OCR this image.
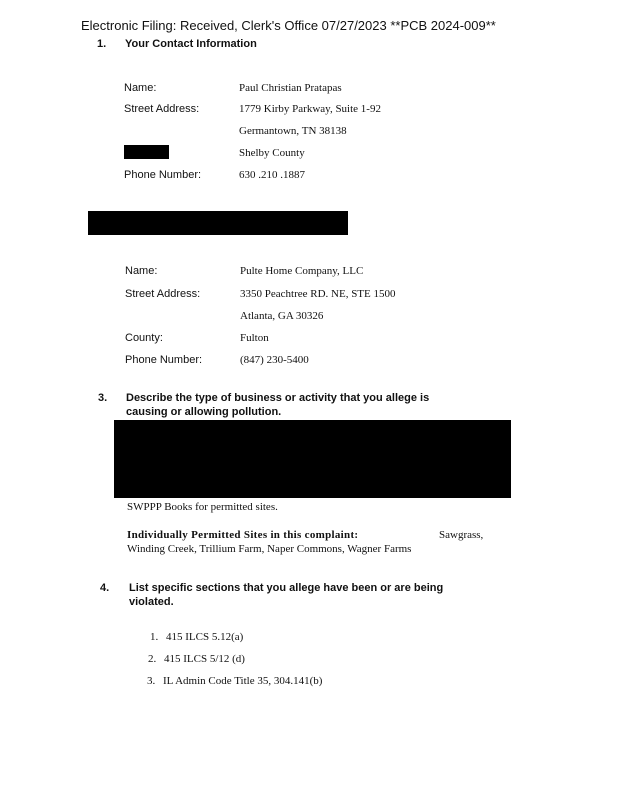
Electronic Filing: Received, Clerk's Office 07/27/2023 **PCB 2024-009**
1. Your Contact Information
Name:	Paul Christian Pratapas
Street Address:	1779 Kirby Parkway, Suite 1-92
Germantown, TN 38138
Shelby County
Phone Number:	630 .210 .1887
Name:	Pulte Home Company, LLC
Street Address:	3350 Peachtree RD. NE, STE 1500
Atlanta, GA 30326
County:	Fulton
Phone Number:	(847) 230-5400
3. Describe the type of business or activity that you allege is
causing or allowing pollution.
SWPPP Books for permitted sites.
Individually Permitted Sites in this complaint:	Sawgrass,
Winding Creek, Trillium Farm, Naper Commons, Wagner Farms
4. List specific sections that you allege have been or are being
violated.
1. 415 ILCS 5.12(a)
2. 415 ILCS 5/12 (d)
3. IL Admin Code Title 35, 304.141(b)
